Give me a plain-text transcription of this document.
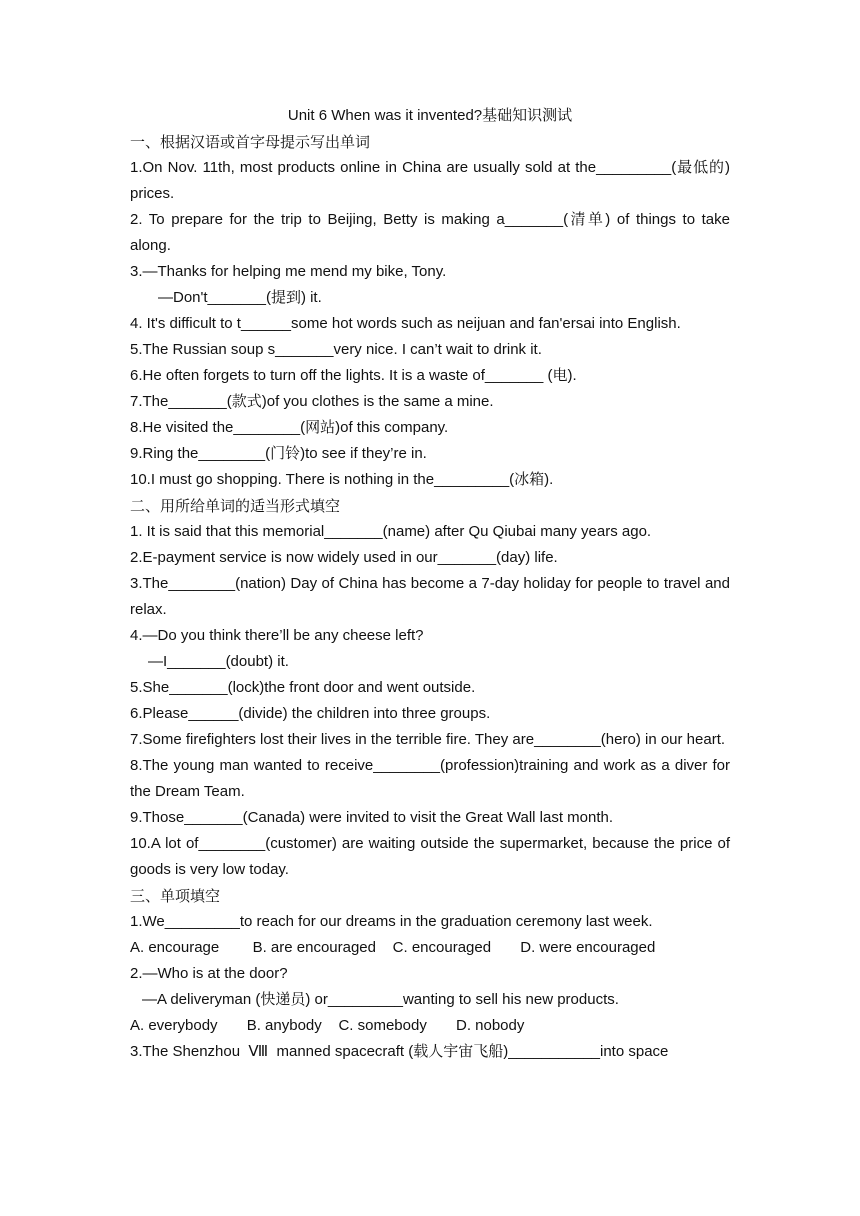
Unit 6 When was it invented?基础知识测试
一、根据汉语或首字母提示写出单词
1.On Nov. 11th, most products online in China are usually sold at the_________(最低的) prices.
2. To prepare for the trip to Beijing, Betty is making a_______(清单) of things to take along.
3.—Thanks for helping me mend my bike, Tony.
—Don't_______(提到) it.
4. It's difficult to t______some hot words such as neijuan and fan'ersai into English.
5.The Russian soup s_______very nice. I can’t wait to drink it.
6.He often forgets to turn off the lights. It is a waste of_______ (电).
7.The_______(款式)of you clothes is the same a mine.
8.He visited the________(网站)of this company.
9.Ring the________(门铃)to see if they’re in.
10.I must go shopping. There is nothing in the_________(冰箱).
二、用所给单词的适当形式填空
1. It is said that this memorial_______(name) after Qu Qiubai many years ago.
2.E-payment service is now widely used in our_______(day) life.
3.The________(nation) Day of China has become a 7-day holiday for people to travel and relax.
4.—Do you think there’ll be any cheese left?
—I_______(doubt) it.
5.She_______(lock)the front door and went outside.
6.Please______(divide) the children into three groups.
7.Some firefighters lost their lives in the terrible fire. They are________(hero) in our heart.
8.The young man wanted to receive________(profession)training and work as a diver for the Dream Team.
9.Those_______(Canada) were invited to visit the Great Wall last month.
10.A lot of________(customer) are waiting outside the supermarket, because the price of goods is very low today.
三、单项填空
1.We_________to reach for our dreams in the graduation ceremony last week.
A. encourage        B. are encouraged    C. encouraged       D. were encouraged
2.—Who is at the door?
—A deliveryman (快递员) or_________wanting to sell his new products.
A. everybody       B. anybody    C. somebody       D. nobody
3.The Shenzhou  Ⅷ  manned spacecraft (载人宇宙飞船)___________into space
